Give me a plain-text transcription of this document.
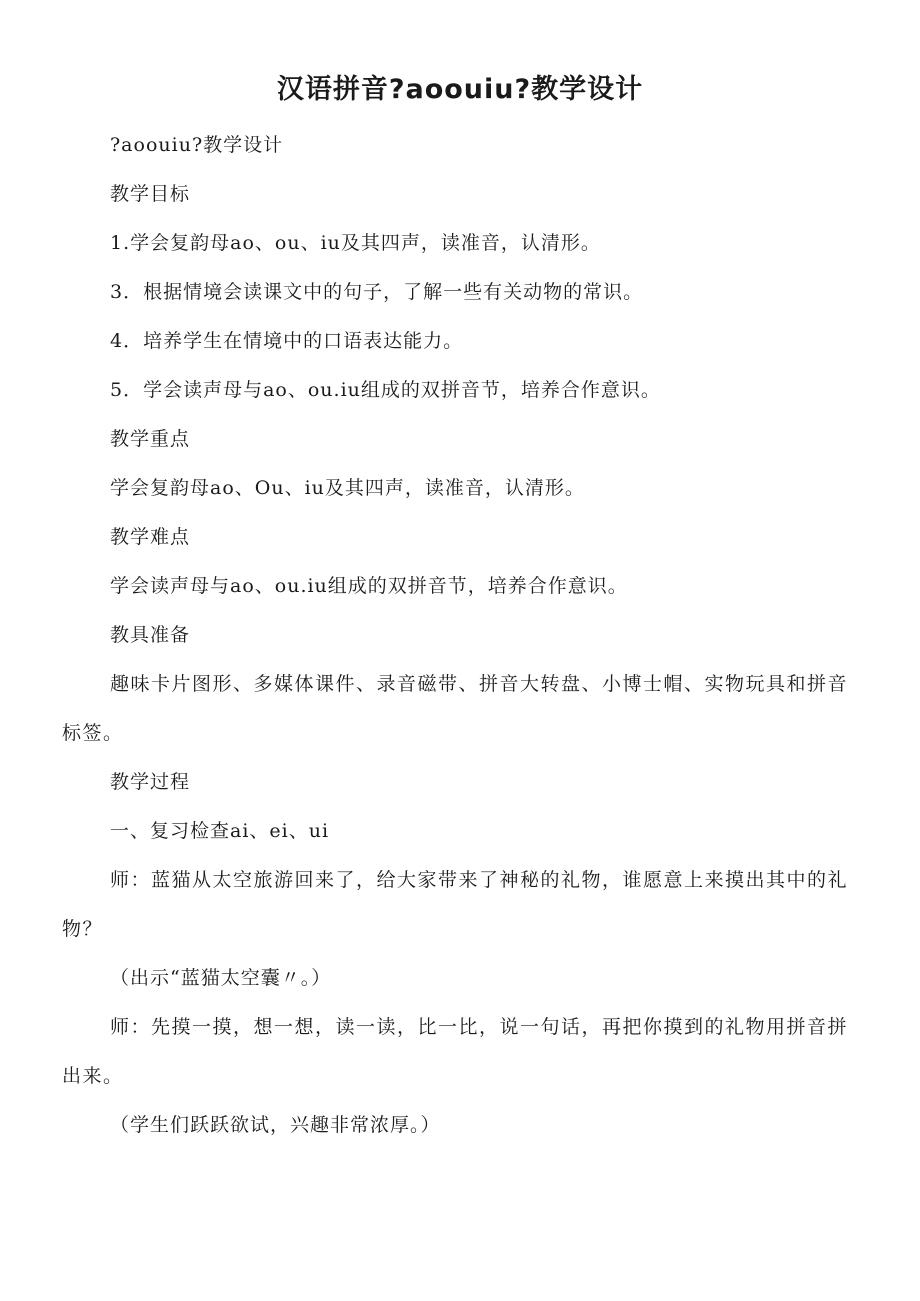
汉语拼音?aoouiu?教学设计

?aoouiu?教学设计

教学目标

1.学会复韵母ao、ou、iu及其四声，读准音，认清形。

3．根据情境会读课文中的句子，了解一些有关动物的常识。

4．培养学生在情境中的口语表达能力。

5．学会读声母与ao、ou.iu组成的双拼音节，培养合作意识。

教学重点

学会复韵母ao、Ou、iu及其四声，读准音，认清形。

教学难点

学会读声母与ao、ou.iu组成的双拼音节，培养合作意识。

教具准备

趣味卡片图形、多媒体课件、录音磁带、拼音大转盘、小博士帽、实物玩具和拼音标签。

教学过程

一、复习检查ai、ei、ui

师：蓝猫从太空旅游回来了，给大家带来了神秘的礼物，谁愿意上来摸出其中的礼物？

（出示“蓝猫太空囊〃。）

师：先摸一摸，想一想，读一读，比一比，说一句话，再把你摸到的礼物用拼音拼出来。

（学生们跃跃欲试，兴趣非常浓厚。）
